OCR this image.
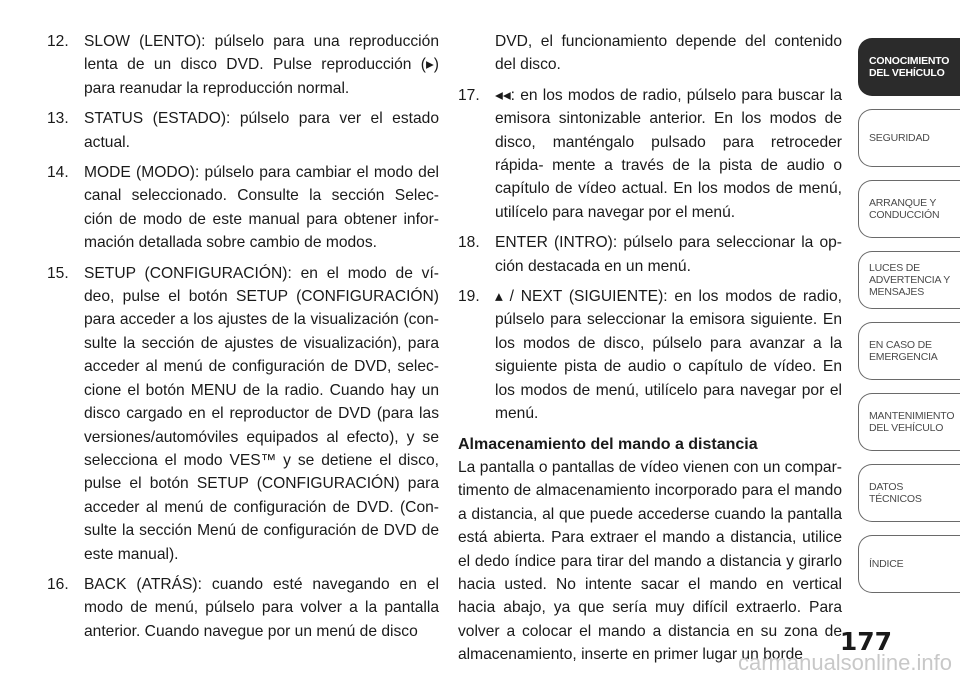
12. SLOW (LENTO): púlselo para una reproducción lenta de un disco DVD. Pulse reproducción (▸) para reanudar la reproducción normal.

13. STATUS (ESTADO): púlselo para ver el estado actual.

14. MODE (MODO): púlselo para cambiar el modo del canal seleccionado. Consulte la sección Selec- ción de modo de este manual para obtener infor- mación detallada sobre cambio de modos.

15. SETUP (CONFIGURACIÓN): en el modo de ví- deo, pulse el botón SETUP (CONFIGURACIÓN) para acceder a los ajustes de la visualización (con- sulte la sección de ajustes de visualización), para acceder al menú de configuración de DVD, selec- cione el botón MENU de la radio. Cuando hay un disco cargado en el reproductor de DVD (para las versiones/automóviles equipados al efecto), y se selecciona el modo VES™ y se detiene el disco, pulse el botón SETUP (CONFIGURACIÓN) para acceder al menú de configuración de DVD. (Con- sulte la sección Menú de configuración de DVD de este manual).

16. BACK (ATRÁS): cuando esté navegando en el modo de menú, púlselo para volver a la pantalla anterior. Cuando navegue por un menú de disco

DVD, el funcionamiento depende del contenido del disco.

17. ◂◂: en los modos de radio, púlselo para buscar la emisora sintonizable anterior. En los modos de disco, manténgalo pulsado para retroceder rápida- mente a través de la pista de audio o capítulo de vídeo actual. En los modos de menú, utilícelo para navegar por el menú.

18. ENTER (INTRO): púlselo para seleccionar la op- ción destacada en un menú.

19. ▴ / NEXT (SIGUIENTE): en los modos de radio, púlselo para seleccionar la emisora siguiente. En los modos de disco, púlselo para avanzar a la siguiente pista de audio o capítulo de vídeo. En los modos de menú, utilícelo para navegar por el menú.

Almacenamiento del mando a distancia

La pantalla o pantallas de vídeo vienen con un compar- timento de almacenamiento incorporado para el mando a distancia, al que puede accederse cuando la pantalla está abierta. Para extraer el mando a distancia, utilice el dedo índice para tirar del mando a distancia y girarlo hacia usted. No intente sacar el mando en vertical hacia abajo, ya que sería muy difícil extraerlo. Para volver a colocar el mando a distancia en su zona de almacenamiento, inserte en primer lugar un borde

CONOCIMIENTO
DEL VEHÍCULO
SEGURIDAD
ARRANQUE Y
CONDUCCIÓN
LUCES DE
ADVERTENCIA Y
MENSAJES
EN CASO DE
EMERGENCIA
MANTENIMIENTO
DEL VEHÍCULO
DATOS
TÉCNICOS
ÍNDICE
177
carmanualsonline.info
